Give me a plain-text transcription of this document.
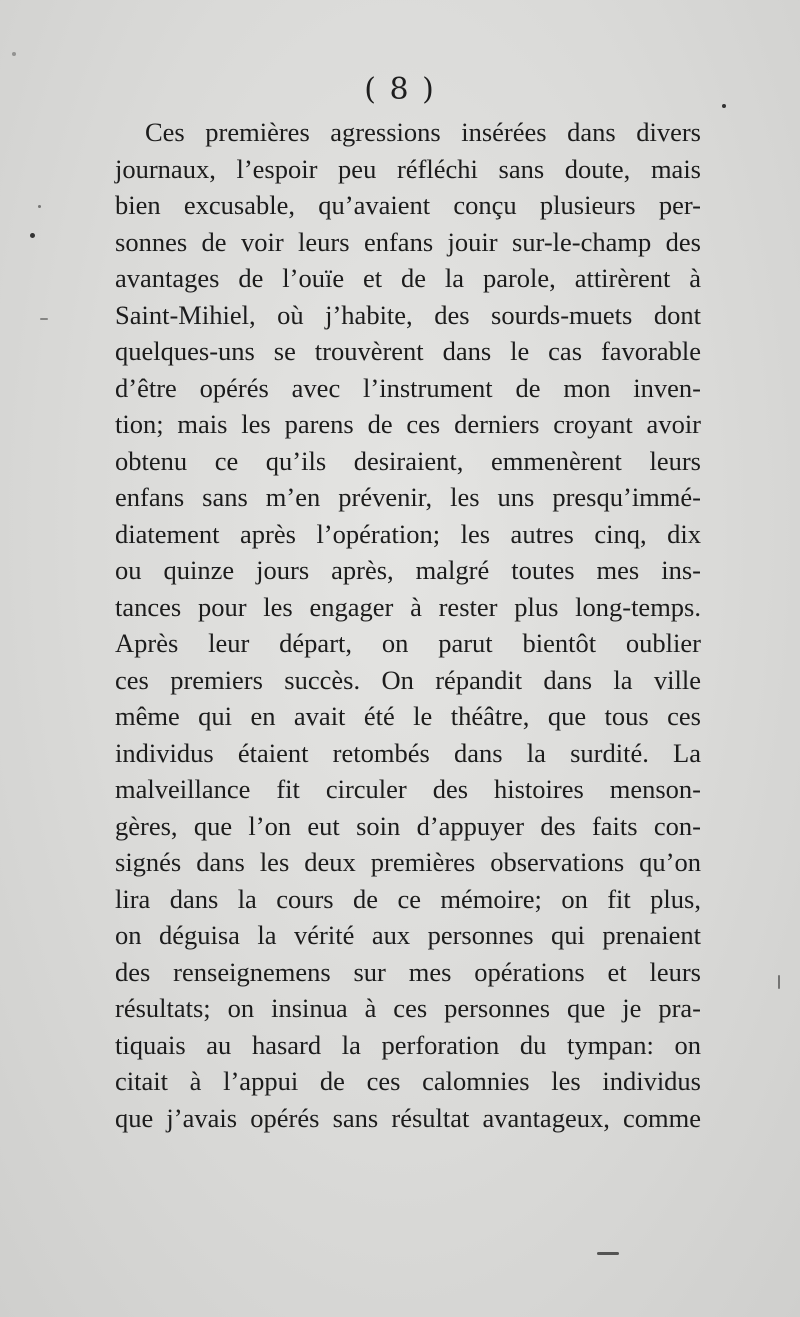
( 8 )
Ces premières agressions insérées dans divers
journaux, l’espoir peu réfléchi sans doute, mais
bien excusable, qu’avaient conçu plusieurs per-
sonnes de voir leurs enfans jouir sur-le-champ des
avantages de l’ouïe et de la parole, attirèrent à
Saint-Mihiel, où j’habite, des sourds-muets dont
quelques-uns se trouvèrent dans le cas favorable
d’être opérés avec l’instrument de mon inven-
tion; mais les parens de ces derniers croyant avoir
obtenu ce qu’ils desiraient, emmenèrent leurs
enfans sans m’en prévenir, les uns presqu’immé-
diatement après l’opération; les autres cinq, dix
ou quinze jours après, malgré toutes mes ins-
tances pour les engager à rester plus long-temps.
Après leur départ, on parut bientôt oublier
ces premiers succès. On répandit dans la ville
même qui en avait été le théâtre, que tous ces
individus étaient retombés dans la surdité. La
malveillance fit circuler des histoires menson-
gères, que l’on eut soin d’appuyer des faits con-
signés dans les deux premières observations qu’on
lira dans la cours de ce mémoire; on fit plus,
on déguisa la vérité aux personnes qui prenaient
des renseignemens sur mes opérations et leurs
résultats; on insinua à ces personnes que je pra-
tiquais au hasard la perforation du tympan: on
citait à l’appui de ces calomnies les individus
que j’avais opérés sans résultat avantageux, comme
